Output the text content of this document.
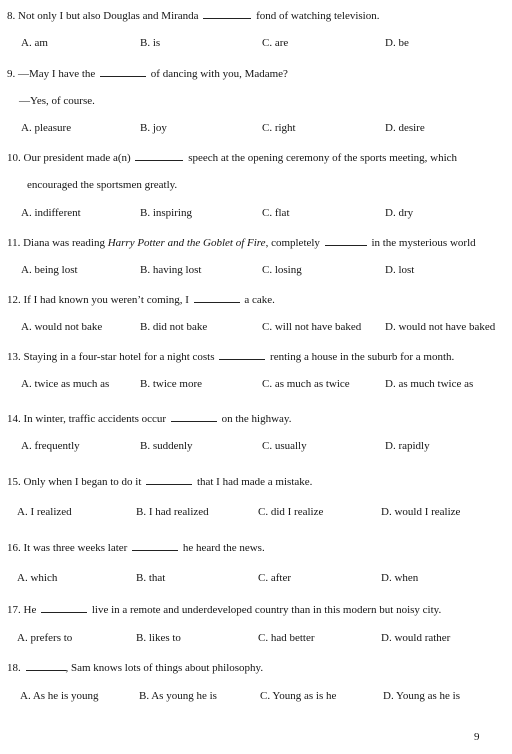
8. Not only I but also Douglas and Miranda	fond of watching television.
A. am	B. is	C. are	D. be
9. —May I have the	of dancing with you, Madame?
—Yes, of course.
A. pleasure	B. joy	C. right	D. desire
10. Our president made a(n)	speech at the opening ceremony of the sports meeting, which
encouraged the sportsmen greatly.
A. indifferent	B. inspiring	C. flat	D. dry
11. Diana was reading Harry Potter and the Goblet of Fire, completely	in the mysterious world
A. being lost	B. having lost	C. losing	D. lost
12. If I had known you weren’t coming, I	a cake.
A. would not bake	B. did not bake	C. will not have baked D. would not have baked
13. Staying in a four-star hotel for a night costs	renting a house in the suburb for a month.
A. twice as much as	B. twice more	C. as much as twice	D. as much twice as
14. In winter, traffic accidents occur	on the highway.
A. frequently	B. suddenly	C. usually	D. rapidly
15. Only when I began to do it	that I had made a mistake.
A. I realized	B. I had realized	C. did I realize	D. would I realize
16. It was three weeks later	he heard the news.
A. which	B. that	C. after	D. when
17. He	live in a remote and underdeveloped country than in this modern but noisy city.
A. prefers to	B. likes to	C. had better	D. would rather
18.	, Sam knows lots of things about philosophy.
A. As he is young	B. As young he is	C. Young as is he	D. Young as he is
9
